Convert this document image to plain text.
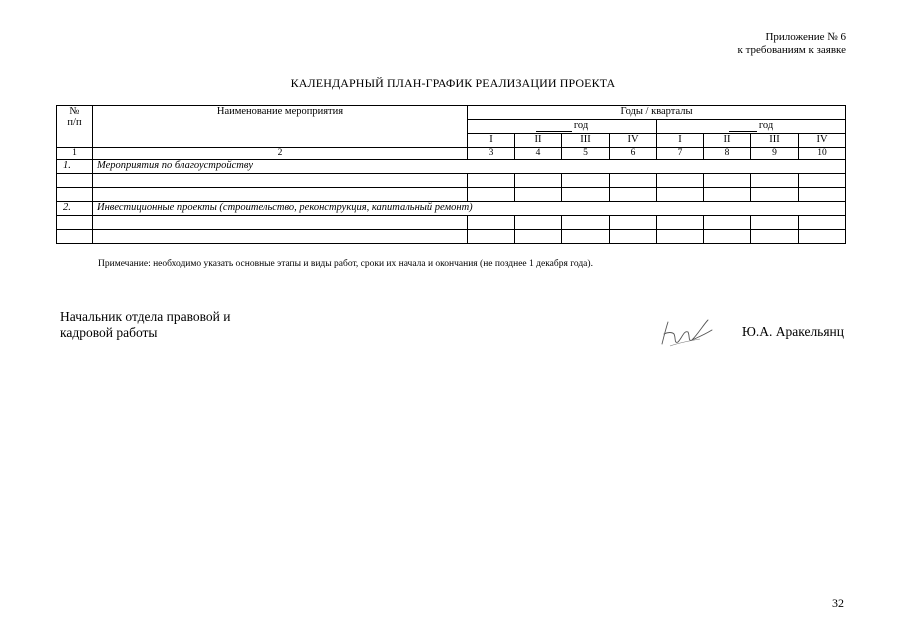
Приложение № 6
к требованиям к заявке
КАЛЕНДАРНЫЙ ПЛАН-ГРАФИК РЕАЛИЗАЦИИ ПРОЕКТА
№
п/п	Наименование мероприятия	Годы / кварталы							
		год				год			
		I	II	III	IV	I	II	III	IV
1	2	3	4	5	6	7	8	9	10
1.	Мероприятия по благоустройству								

2.	Инвестиционные проекты (строительство, реконструкция, капитальный ремонт)								

Примечание: необходимо указать основные этапы и виды работ, сроки их начала и окончания (не позднее 1 декабря года).
Начальник отдела правовой и
кадровой работы	Ю.А. Аракельянц
32
